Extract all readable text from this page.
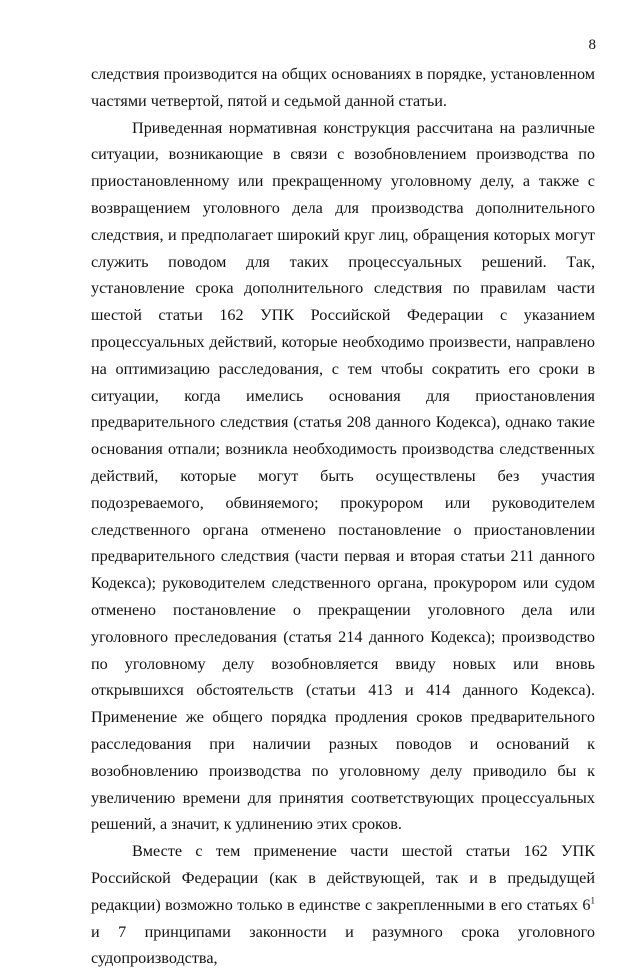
8

следствия производится на общих основаниях в порядке, установленном частями четвертой, пятой и седьмой данной статьи.

Приведенная нормативная конструкция рассчитана на различные ситуации, возникающие в связи с возобновлением производства по приостановленному или прекращенному уголовному делу, а также с возвращением уголовного дела для производства дополнительного следствия, и предполагает широкий круг лиц, обращения которых могут служить поводом для таких процессуальных решений. Так, установление срока дополнительного следствия по правилам части шестой статьи 162 УПК Российской Федерации с указанием процессуальных действий, которые необходимо произвести, направлено на оптимизацию расследования, с тем чтобы сократить его сроки в ситуации, когда имелись основания для приостановления предварительного следствия (статья 208 данного Кодекса), однако такие основания отпали; возникла необходимость производства следственных действий, которые могут быть осуществлены без участия подозреваемого, обвиняемого; прокурором или руководителем следственного органа отменено постановление о приостановлении предварительного следствия (части первая и вторая статьи 211 данного Кодекса); руководителем следственного органа, прокурором или судом отменено постановление о прекращении уголовного дела или уголовного преследования (статья 214 данного Кодекса); производство по уголовному делу возобновляется ввиду новых или вновь открывшихся обстоятельств (статьи 413 и 414 данного Кодекса). Применение же общего порядка продления сроков предварительного расследования при наличии разных поводов и оснований к возобновлению производства по уголовному делу приводило бы к увеличению времени для принятия соответствующих процессуальных решений, а значит, к удлинению этих сроков.

Вместе с тем применение части шестой статьи 162 УПК Российской Федерации (как в действующей, так и в предыдущей редакции) возможно только в единстве с закрепленными в его статьях $6^1$ и 7 принципами законности и разумного срока уголовного судопроизводства,
